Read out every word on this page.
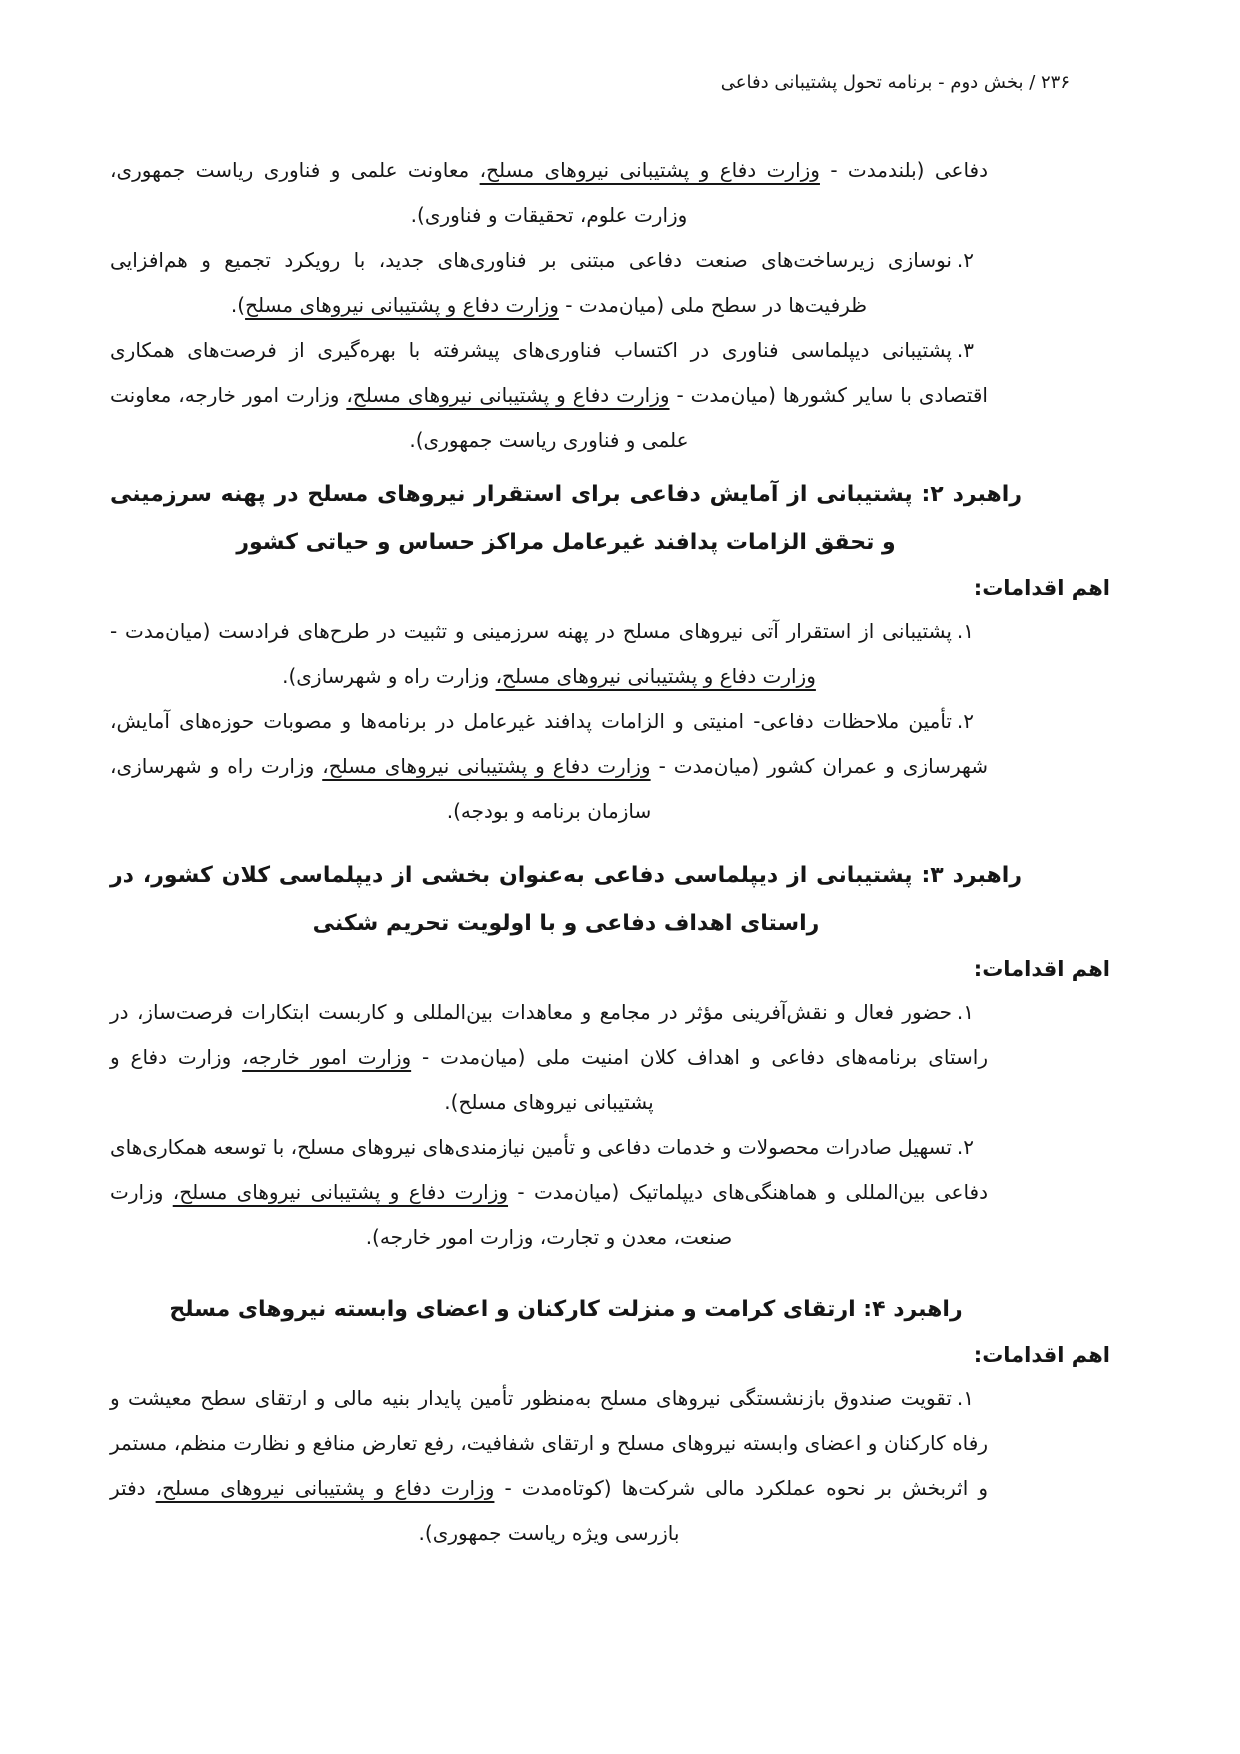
۲۳۶ / بخش دوم - برنامه تحول پشتیبانی دفاعی

دفاعی (بلندمدت - وزارت دفاع و پشتیبانی نیروهای مسلح، معاونت علمی و فناوری ریاست جمهوری، وزارت علوم، تحقیقات و فناوری).

۲.
نوسازی زیرساخت‌های صنعت دفاعی مبتنی بر فناوری‌های جدید، با رویکرد تجمیع و هم‌افزایی ظرفیت‌ها در سطح ملی (میان‌مدت - وزارت دفاع و پشتیبانی نیروهای مسلح).

۳.
پشتیبانی دیپلماسی فناوری در اکتساب فناوری‌های پیشرفته با بهره‌گیری از فرصت‌های همکاری اقتصادی با سایر کشورها (میان‌مدت - وزارت دفاع و پشتیبانی نیروهای مسلح، وزارت امور خارجه، معاونت علمی و فناوری ریاست جمهوری).

راهبرد ۲: پشتیبانی از آمایش دفاعی برای استقرار نیروهای مسلح در پهنه سرزمینی و تحقق الزامات پدافند غیرعامل مراکز حساس و حیاتی کشور

اهم اقدامات:

۱.
پشتیبانی از استقرار آتی نیروهای مسلح در پهنه سرزمینی و تثبیت در طرح‌های فرادست (میان‌مدت - وزارت دفاع و پشتیبانی نیروهای مسلح، وزارت راه و شهرسازی).

۲.
تأمین ملاحظات دفاعی- امنیتی و الزامات پدافند غیرعامل در برنامه‌ها و مصوبات حوزه‌های آمایش، شهرسازی و عمران کشور (میان‌مدت - وزارت دفاع و پشتیبانی نیروهای مسلح، وزارت راه و شهرسازی، سازمان برنامه و بودجه).

راهبرد ۳: پشتیبانی از دیپلماسی دفاعی به‌عنوان بخشی از دیپلماسی کلان کشور، در راستای اهداف دفاعی و با اولویت تحریم شکنی

اهم اقدامات:

۱.
حضور فعال و نقش‌آفرینی مؤثر در مجامع و معاهدات بین‌المللی و کاربست ابتکارات فرصت‌ساز، در راستای برنامه‌های دفاعی و اهداف کلان امنیت ملی (میان‌مدت - وزارت امور خارجه، وزارت دفاع و پشتیبانی نیروهای مسلح).

۲.
تسهیل صادرات محصولات و خدمات دفاعی و تأمین نیازمندی‌های نیروهای مسلح، با توسعه همکاری‌های دفاعی بین‌المللی و هماهنگی‌های دیپلماتیک (میان‌مدت - وزارت دفاع و پشتیبانی نیروهای مسلح، وزارت صنعت، معدن و تجارت، وزارت امور خارجه).

راهبرد ۴: ارتقای کرامت و منزلت کارکنان و اعضای وابسته نیروهای مسلح

اهم اقدامات:

۱.
تقویت صندوق بازنشستگی نیروهای مسلح به‌منظور تأمین پایدار بنیه مالی و ارتقای سطح معیشت و رفاه کارکنان و اعضای وابسته نیروهای مسلح و ارتقای شفافیت، رفع تعارض منافع و نظارت منظم، مستمر و اثربخش بر نحوه عملکرد مالی شرکت‌ها (کوتاه‌مدت - وزارت دفاع و پشتیبانی نیروهای مسلح، دفتر بازرسی ویژه ریاست جمهوری).
